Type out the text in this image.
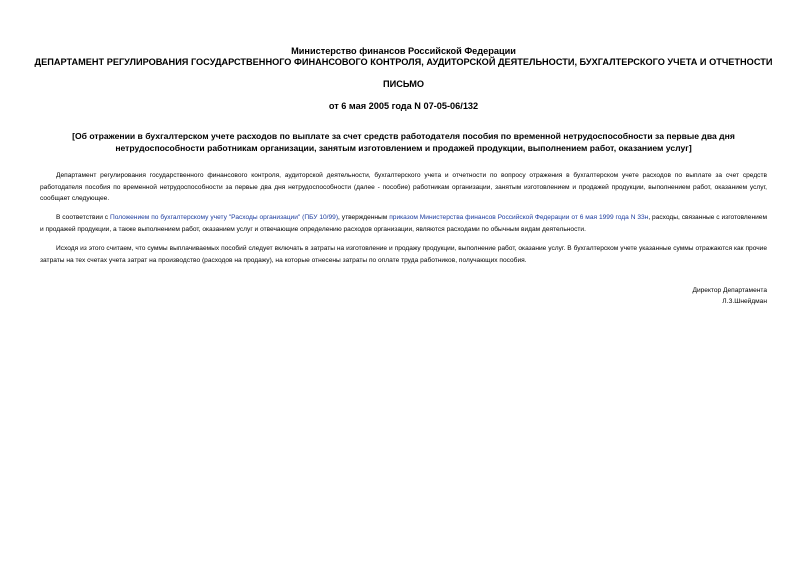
Министерство финансов Российской Федерации
ДЕПАРТАМЕНТ РЕГУЛИРОВАНИЯ ГОСУДАРСТВЕННОГО ФИНАНСОВОГО КОНТРОЛЯ, АУДИТОРСКОЙ ДЕЯТЕЛЬНОСТИ, БУХГАЛТЕРСКОГО УЧЕТА И ОТЧЕТНОСТИ
ПИСЬМО
от 6 мая 2005 года N 07-05-06/132
[Об отражении в бухгалтерском учете расходов по выплате за счет средств работодателя пособия по временной нетрудоспособности за первые два дня нетрудоспособности работникам организации, занятым изготовлением и продажей продукции, выполнением работ, оказанием услуг]
Департамент регулирования государственного финансового контроля, аудиторской деятельности, бухгалтерского учета и отчетности по вопросу отражения в бухгалтерском учете расходов по выплате за счет средств работодателя пособия по временной нетрудоспособности за первые два дня нетрудоспособности (далее - пособие) работникам организации, занятым изготовлением и продажей продукции, выполнением работ, оказанием услуг, сообщает следующее.
В соответствии с Положением по бухгалтерскому учету "Расходы организации" (ПБУ 10/99), утвержденным приказом Министерства финансов Российской Федерации от 6 мая 1999 года N 33н, расходы, связанные с изготовлением и продажей продукции, а также выполнением работ, оказанием услуг и отвечающие определению расходов организации, являются расходами по обычным видам деятельности.
Исходя из этого считаем, что суммы выплачиваемых пособий следует включать в затраты на изготовление и продажу продукции, выполнение работ, оказание услуг. В бухгалтерском учете указанные суммы отражаются как прочие затраты на тех счетах учета затрат на производство (расходов на продажу), на которые отнесены затраты по оплате труда работников, получающих пособия.
Директор Департамента
Л.З.Шнейдман
